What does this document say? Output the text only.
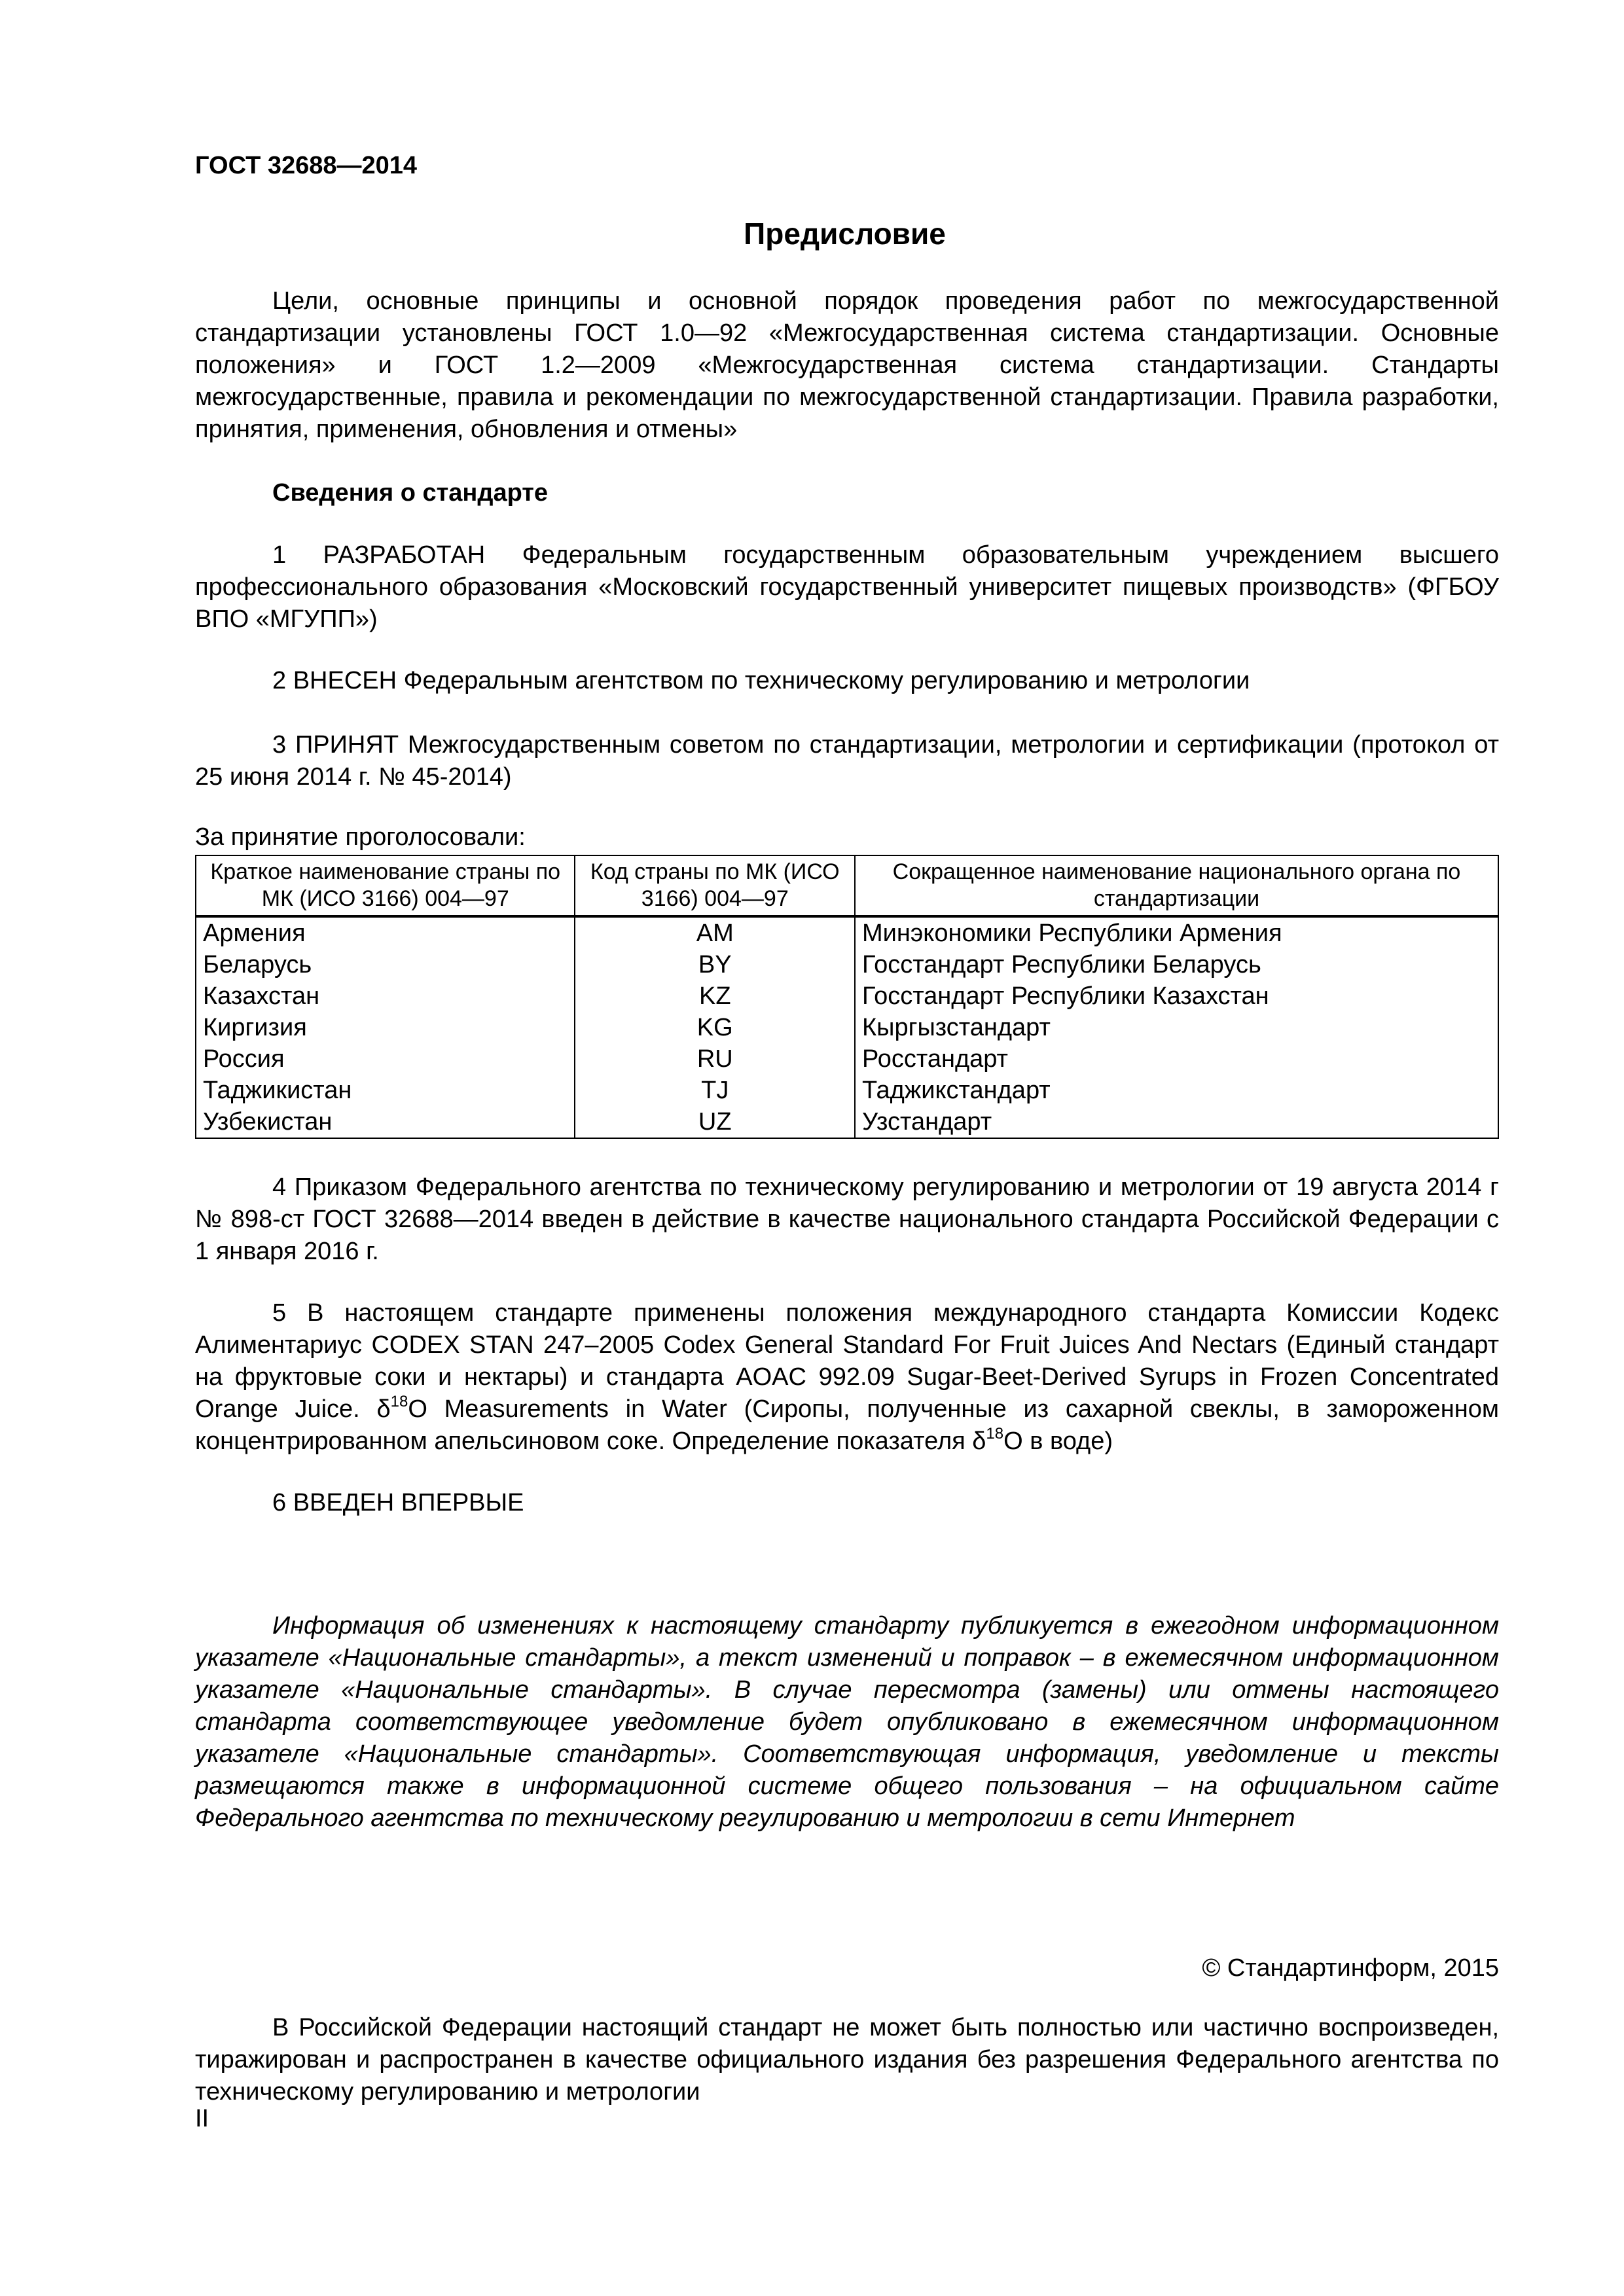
ГОСТ 32688—2014
Предисловие

Цели, основные принципы и основной порядок проведения работ по межгосударственной стандартизации установлены ГОСТ 1.0—92 «Межгосударственная система стандартизации. Основные положения» и ГОСТ 1.2—2009 «Межгосударственная система стандартизации. Стандарты межгосударственные, правила и рекомендации по межгосударственной стандартизации. Правила разработки, принятия, применения, обновления и отмены»

Сведения о стандарте

1 РАЗРАБОТАН Федеральным государственным образовательным учреждением высшего профессионального образования «Московский государственный университет пищевых производств» (ФГБОУ ВПО «МГУПП»)

2 ВНЕСЕН Федеральным агентством по техническому регулированию и метрологии

3 ПРИНЯТ Межгосударственным советом по стандартизации, метрологии и сертификации (протокол от 25 июня 2014 г. № 45-2014)

За принятие проголосовали:
Краткое наименование страны по МК (ИСО 3166) 004—97	Код страны по МК (ИСО 3166) 004—97	Сокращенное наименование национального органа по стандартизации
Армения	AM	Минэкономики Республики Армения
Беларусь	BY	Госстандарт Республики Беларусь
Казахстан	KZ	Госстандарт Республики Казахстан
Киргизия	KG	Кыргызстандарт
Россия	RU	Росстандарт
Таджикистан	TJ	Таджикстандарт
Узбекистан	UZ	Узстандарт

4 Приказом Федерального агентства по техническому регулированию и метрологии от 19 августа 2014 г № 898-ст ГОСТ 32688—2014 введен в действие в качестве национального стандарта Российской Федерации с 1 января 2016 г.

5 В настоящем стандарте применены положения международного стандарта Комиссии Кодекс Алиментариус CODEX STAN 247–2005 Codex General Standard For Fruit Juices And Nectars (Единый стандарт на фруктовые соки и нектары) и стандарта AOAC 992.09 Sugar-Beet-Derived Syrups in Frozen Concentrated Orange Juice. $\delta^{18}O$ Measurements in Water (Сиропы, полученные из сахарной свеклы, в замороженном концентрированном апельсиновом соке. Определение показателя $\delta^{18}O$ в воде)

6 ВВЕДЕН ВПЕРВЫЕ

Информация об изменениях к настоящему стандарту публикуется в ежегодном информационном указателе «Национальные стандарты», а текст изменений и поправок – в ежемесячном информационном указателе «Национальные стандарты». В случае пересмотра (замены) или отмены настоящего стандарта соответствующее уведомление будет опубликовано в ежемесячном информационном указателе «Национальные стандарты». Соответствующая информация, уведомление и тексты размещаются также в информационной системе общего пользования – на официальном сайте Федерального агентства по техническому регулированию и метрологии в сети Интернет

© Стандартинформ, 2015

В Российской Федерации настоящий стандарт не может быть полностью или частично воспроизведен, тиражирован и распространен в качестве официального издания без разрешения Федерального агентства по техническому регулированию и метрологии

II
